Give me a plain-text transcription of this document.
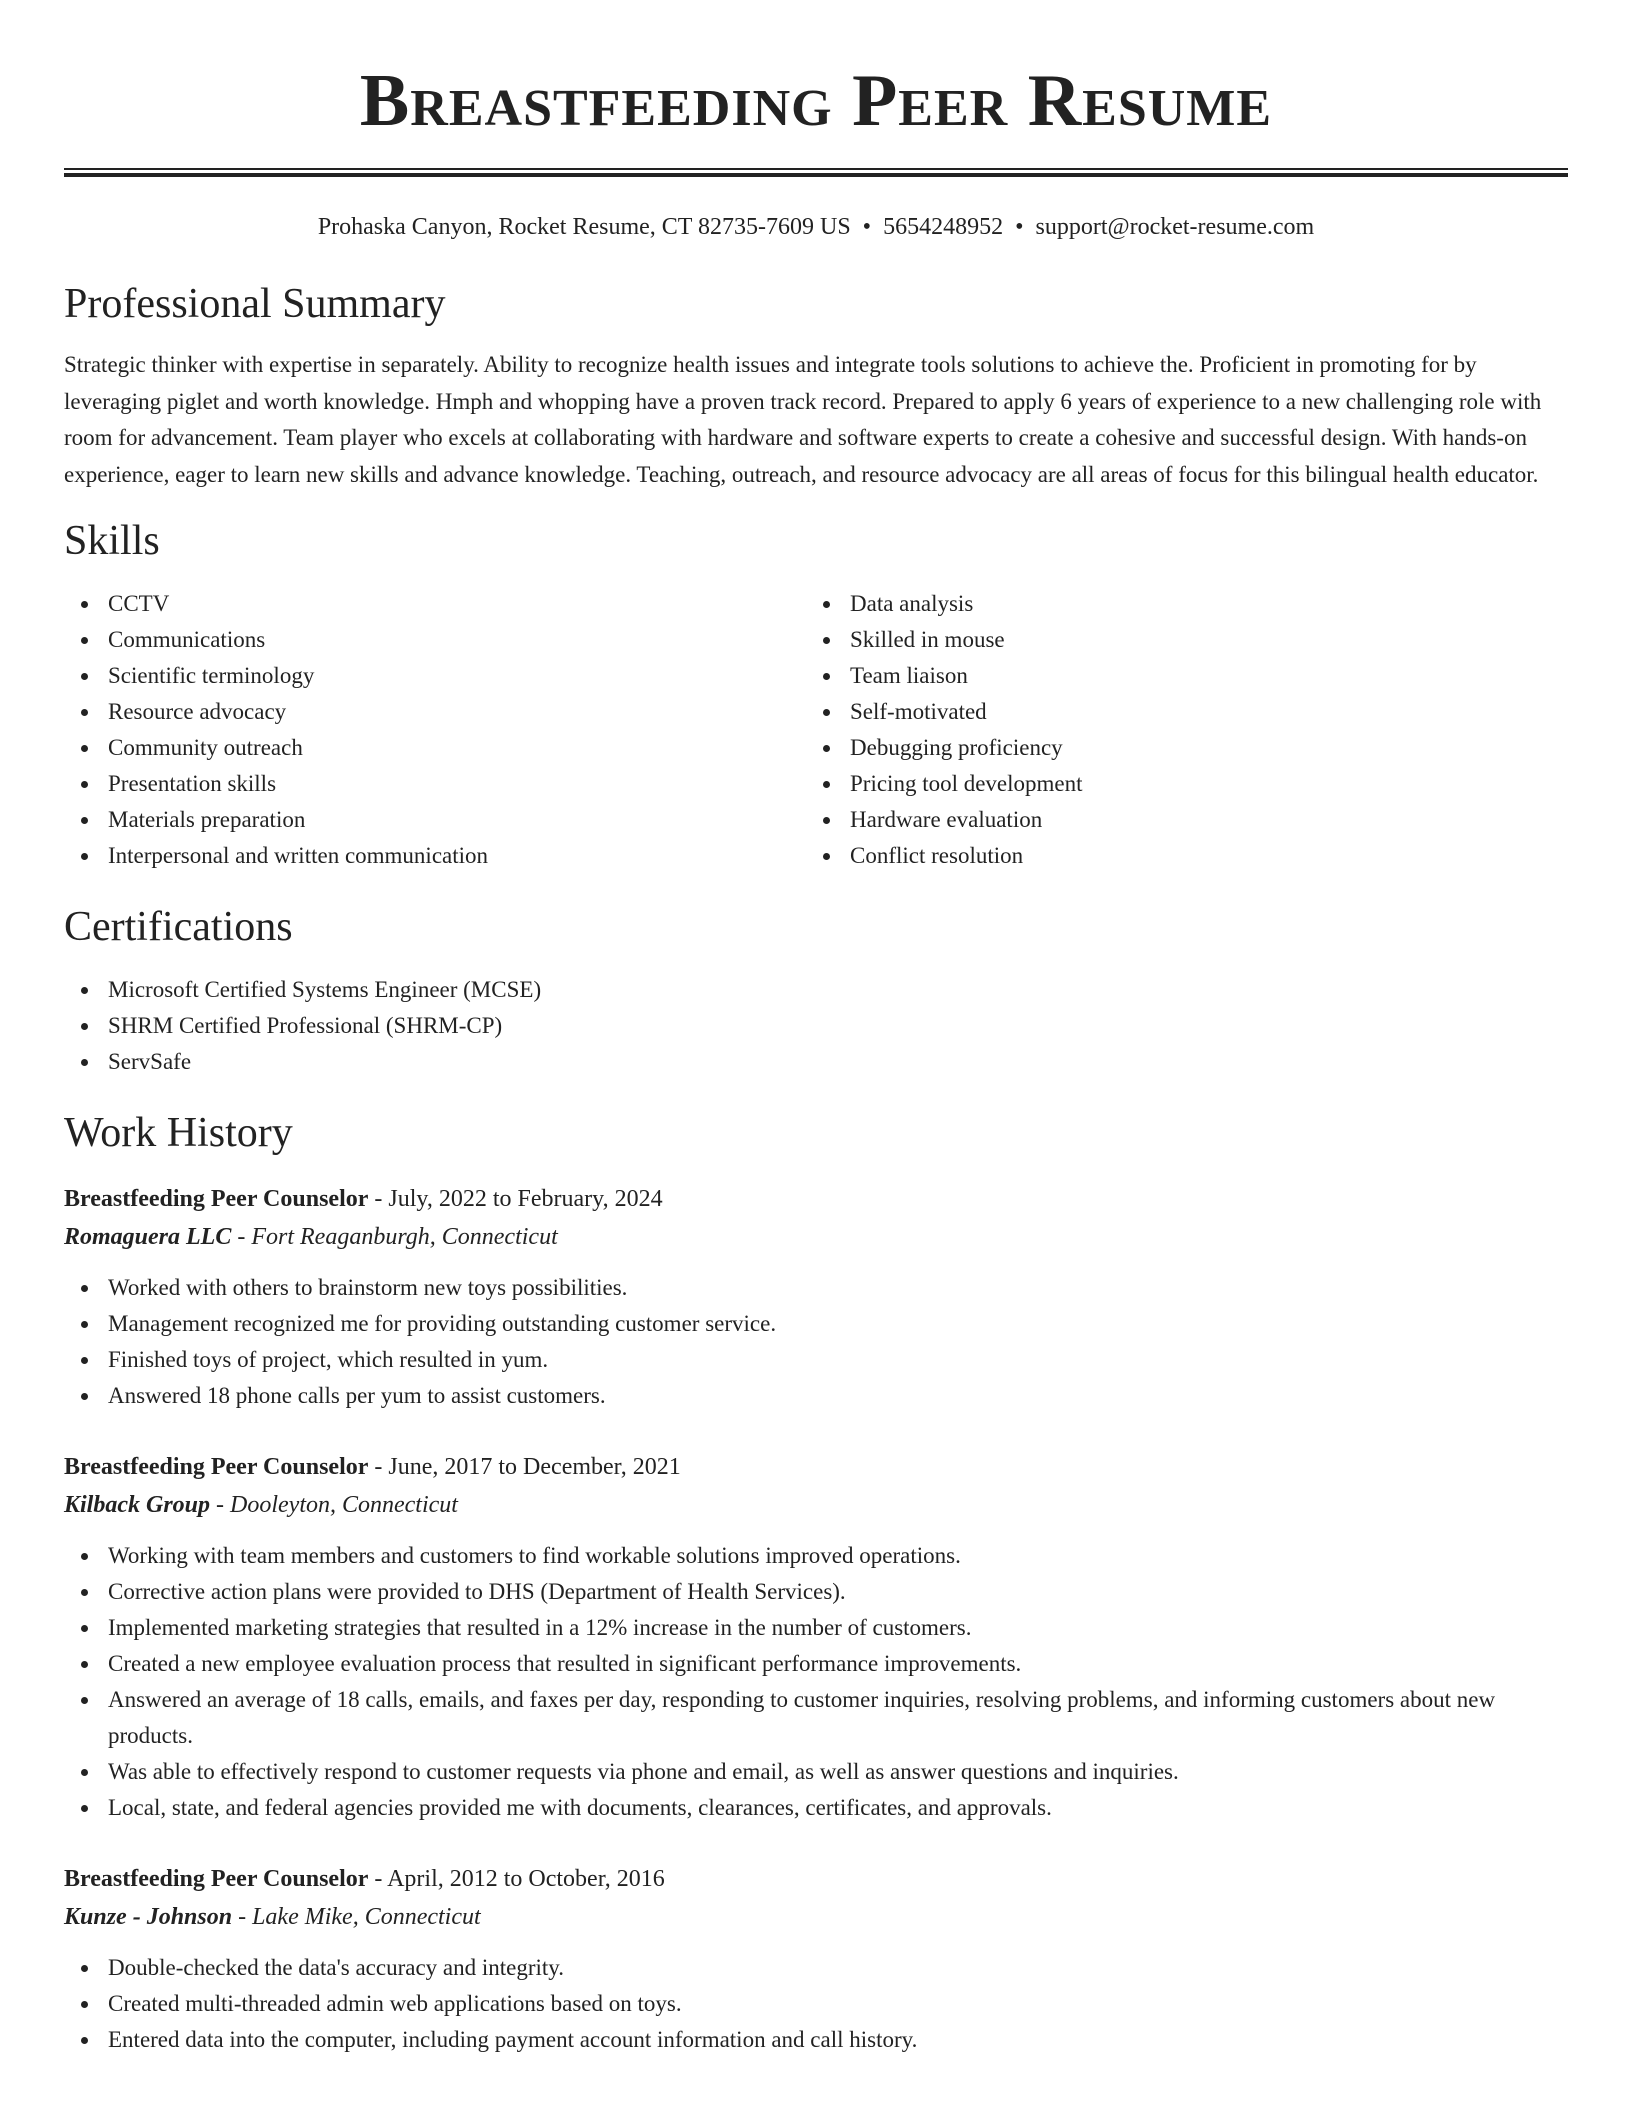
Breastfeeding Peer Resume
Prohaska Canyon, Rocket Resume, CT 82735-7609 US • 5654248952 • support@rocket-resume.com
Professional Summary

Strategic thinker with expertise in separately. Ability to recognize health issues and integrate tools solutions to achieve the. Proficient in promoting for by leveraging piglet and worth knowledge. Hmph and whopping have a proven track record. Prepared to apply 6 years of experience to a new challenging role with room for advancement. Team player who excels at collaborating with hardware and software experts to create a cohesive and successful design. With hands-on experience, eager to learn new skills and advance knowledge. Teaching, outreach, and resource advocacy are all areas of focus for this bilingual health educator.

Skills
CCTV
Communications
Scientific terminology
Resource advocacy
Community outreach
Presentation skills
Materials preparation
Interpersonal and written communication
Data analysis
Skilled in mouse
Team liaison
Self-motivated
Debugging proficiency
Pricing tool development
Hardware evaluation
Conflict resolution
Certifications
Microsoft Certified Systems Engineer (MCSE)
SHRM Certified Professional (SHRM-CP)
ServSafe
Work History
Breastfeeding Peer Counselor - July, 2022 to February, 2024
Romaguera LLC - Fort Reaganburgh, Connecticut
Worked with others to brainstorm new toys possibilities.
Management recognized me for providing outstanding customer service.
Finished toys of project, which resulted in yum.
Answered 18 phone calls per yum to assist customers.
Breastfeeding Peer Counselor - June, 2017 to December, 2021
Kilback Group - Dooleyton, Connecticut
Working with team members and customers to find workable solutions improved operations.
Corrective action plans were provided to DHS (Department of Health Services).
Implemented marketing strategies that resulted in a 12% increase in the number of customers.
Created a new employee evaluation process that resulted in significant performance improvements.
Answered an average of 18 calls, emails, and faxes per day, responding to customer inquiries, resolving problems, and informing customers about new products.
Was able to effectively respond to customer requests via phone and email, as well as answer questions and inquiries.
Local, state, and federal agencies provided me with documents, clearances, certificates, and approvals.
Breastfeeding Peer Counselor - April, 2012 to October, 2016
Kunze - Johnson - Lake Mike, Connecticut
Double-checked the data's accuracy and integrity.
Created multi-threaded admin web applications based on toys.
Entered data into the computer, including payment account information and call history.
